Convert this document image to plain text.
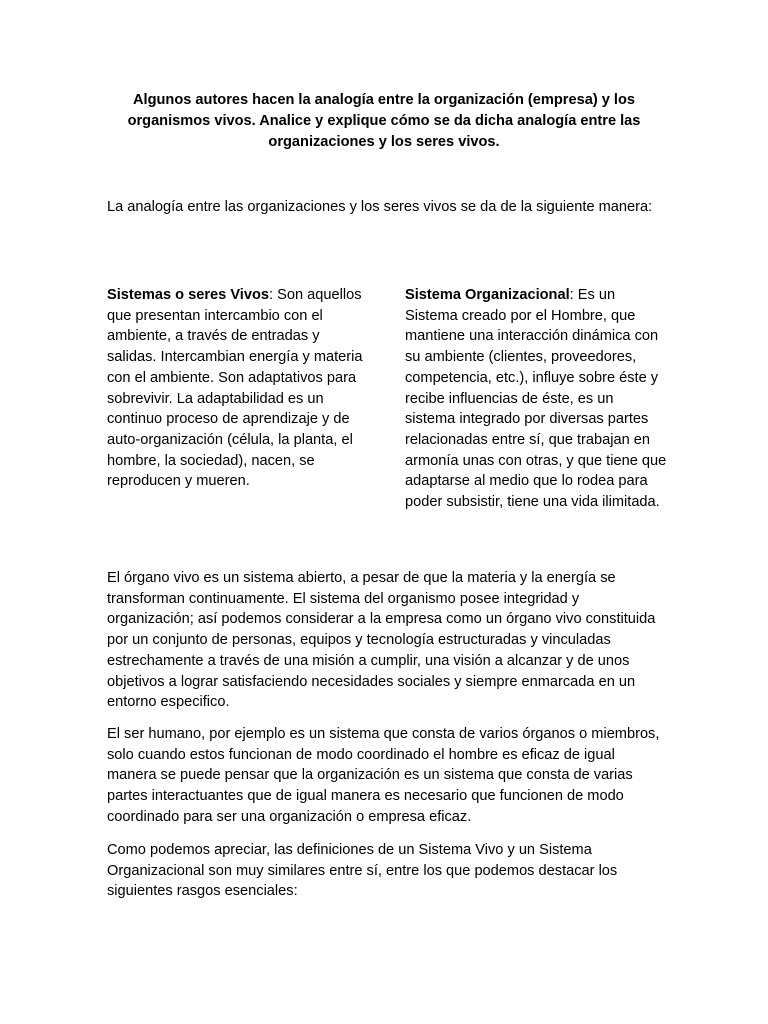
Algunos autores hacen la analogía entre la organización (empresa) y los organismos vivos. Analice y explique cómo se da dicha analogía entre las organizaciones y los seres vivos.
La analogía entre las organizaciones y los seres vivos se da de la siguiente manera:
Sistemas o seres Vivos: Son aquellos que presentan intercambio con el ambiente, a través de entradas y salidas. Intercambian energía y materia con el ambiente. Son adaptativos para sobrevivir. La adaptabilidad es un continuo proceso de aprendizaje y de auto-organización (célula, la planta, el hombre, la sociedad), nacen, se reproducen y mueren.
Sistema Organizacional: Es un Sistema creado por el Hombre, que mantiene una interacción dinámica con su ambiente (clientes, proveedores, competencia, etc.), influye sobre éste y recibe influencias de éste, es un sistema integrado por diversas partes relacionadas entre sí, que trabajan en armonía unas con otras, y que tiene que adaptarse al medio que lo rodea para poder subsistir, tiene una vida ilimitada.
El órgano vivo es un sistema abierto, a pesar de que la materia y la energía se transforman continuamente. El sistema del organismo posee integridad y organización; así podemos considerar a la empresa como un órgano vivo constituida por un conjunto de personas, equipos y tecnología estructuradas y vinculadas estrechamente a través de una misión a cumplir, una visión a alcanzar y de unos objetivos a lograr satisfaciendo necesidades sociales y siempre enmarcada en un entorno especifico.
El ser humano, por ejemplo es un sistema que consta de varios órganos o miembros, solo cuando estos funcionan de modo coordinado el hombre es eficaz de igual manera se puede pensar que la organización es un sistema que consta de varias partes interactuantes que de igual manera es necesario que funcionen de modo coordinado para ser una organización o empresa eficaz.
Como podemos apreciar, las definiciones de un Sistema Vivo y un Sistema Organizacional son muy similares entre sí, entre los que podemos destacar los siguientes rasgos esenciales:
